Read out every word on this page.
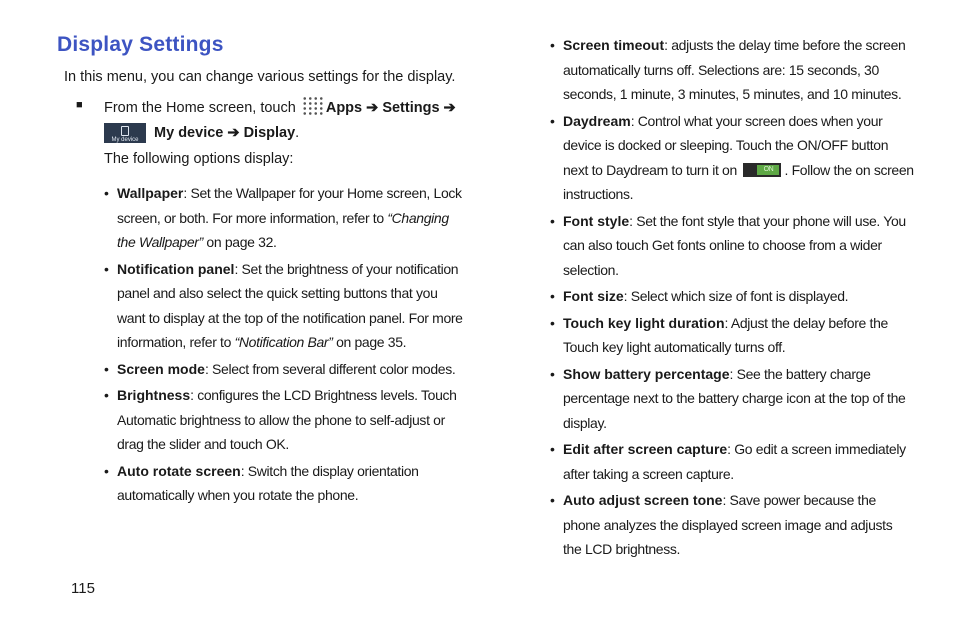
Display Settings

In this menu, you can change various settings for the display.

■ From the Home screen, touch Apps ➔ Settings ➔

My device My device ➔ Display.

The following options display:

• Wallpaper: Set the Wallpaper for your Home screen, Lock screen, or both. For more information, refer to “Changing the Wallpaper” on page 32.
• Notification panel: Set the brightness of your notification panel and also select the quick setting buttons that you want to display at the top of the notification panel. For more information, refer to “Notification Bar” on page 35.
• Screen mode: Select from several different color modes.
• Brightness: configures the LCD Brightness levels. Touch Automatic brightness to allow the phone to self-adjust or drag the slider and touch OK.
• Auto rotate screen: Switch the display orientation automatically when you rotate the phone.
• Screen timeout: adjusts the delay time before the screen automatically turns off. Selections are: 15 seconds, 30 seconds, 1 minute, 3 minutes, 5 minutes, and 10 minutes.
• Daydream: Control what your screen does when your device is docked or sleeping. Touch the ON/OFF button next to Daydream to turn it on	ON . Follow the on screen instructions.
• Font style: Set the font style that your phone will use. You can also touch Get fonts online to choose from a wider selection.
• Font size: Select which size of font is displayed.
• Touch key light duration: Adjust the delay before the Touch key light automatically turns off.
• Show battery percentage: See the battery charge percentage next to the battery charge icon at the top of the display.
• Edit after screen capture: Go edit a screen immediately after taking a screen capture.
• Auto adjust screen tone: Save power because the phone analyzes the displayed screen image and adjusts the LCD brightness.

115
